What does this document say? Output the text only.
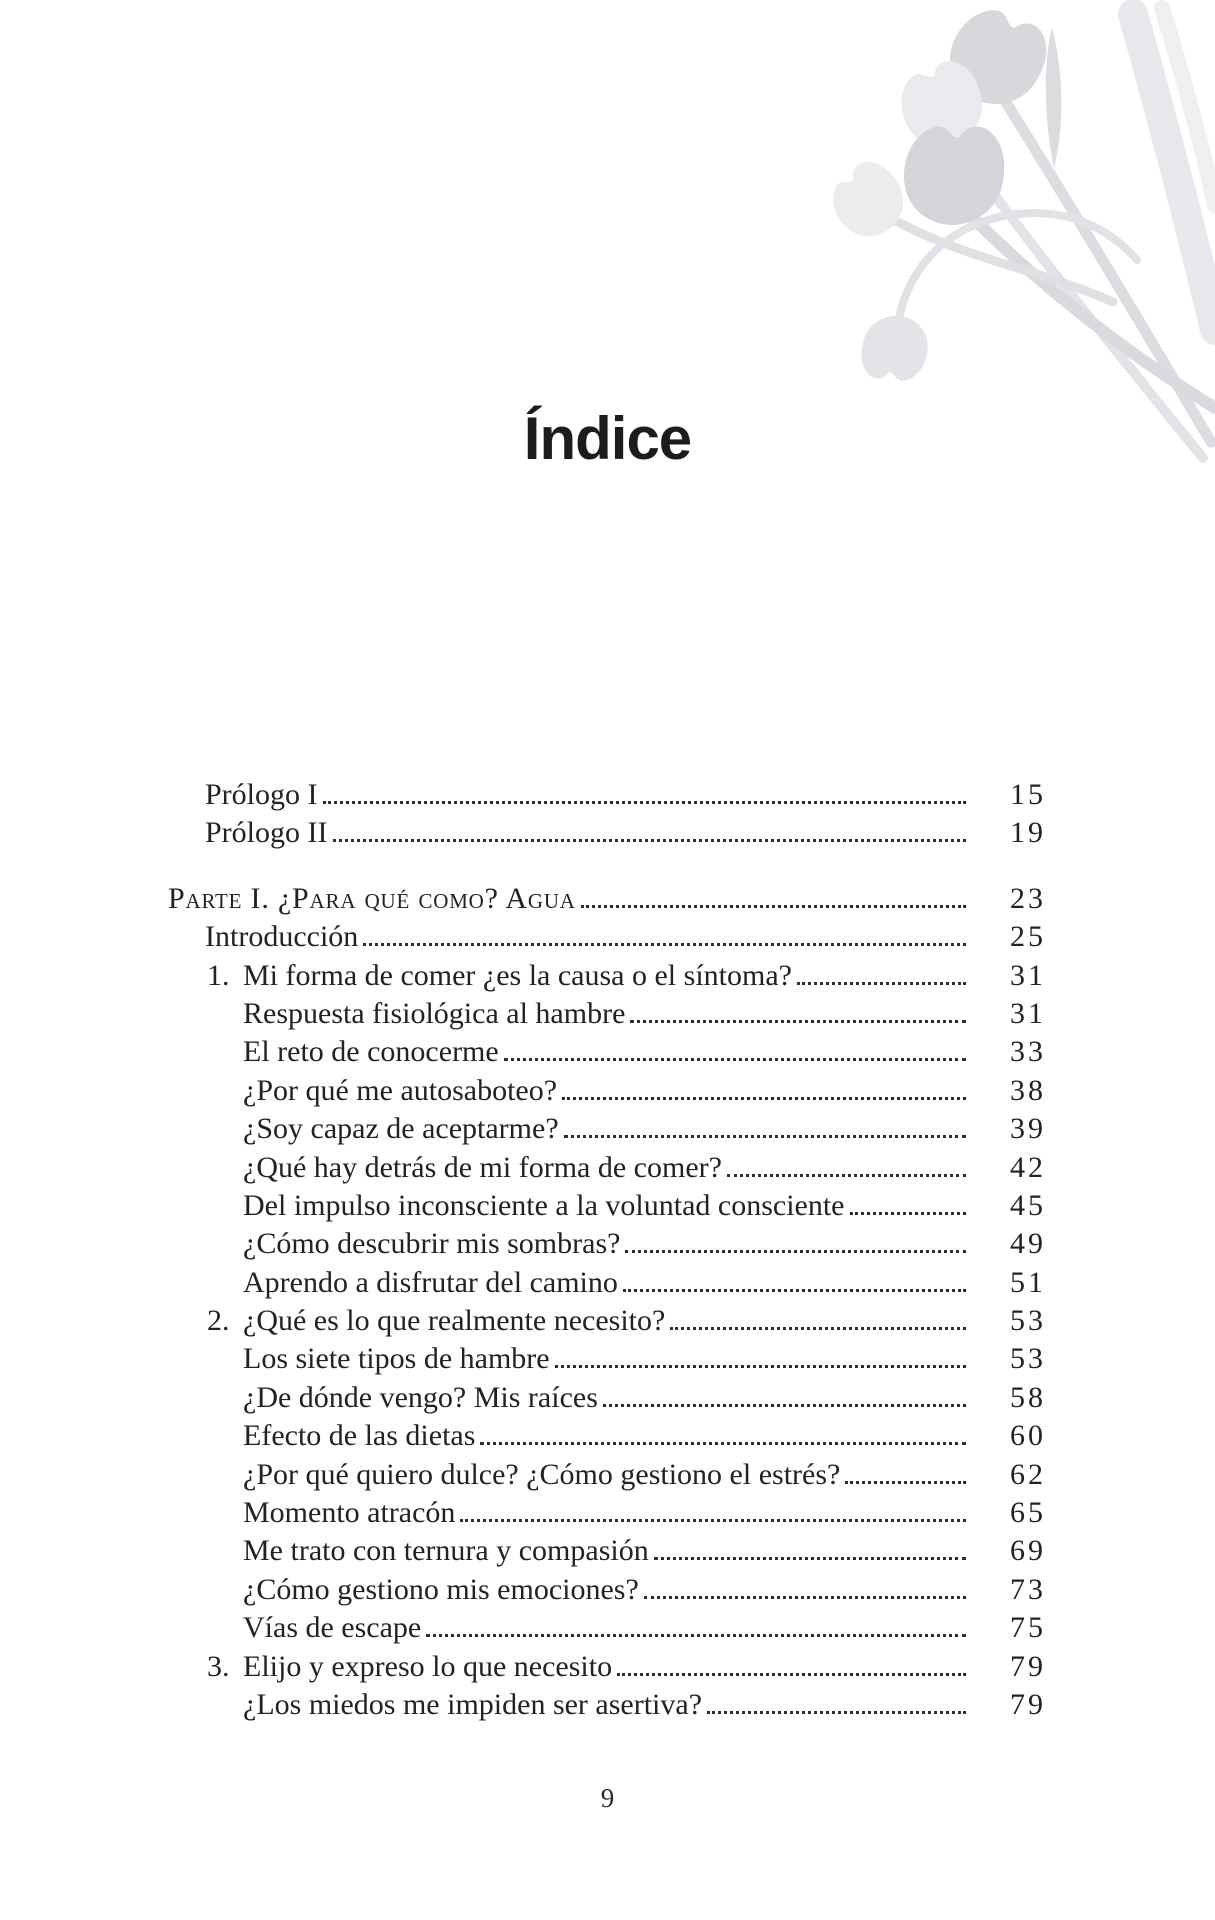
Índice
Prólogo I	15
Prólogo II	19
Parte I. ¿Para qué como? Agua	23
Introducción	25
1. Mi forma de comer ¿es la causa o el síntoma?	31
Respuesta fisiológica al hambre	31
El reto de conocerme	33
¿Por qué me autosaboteo?	38
¿Soy capaz de aceptarme?	39
¿Qué hay detrás de mi forma de comer?	42
Del impulso inconsciente a la voluntad consciente	45
¿Cómo descubrir mis sombras?	49
Aprendo a disfrutar del camino	51
2. ¿Qué es lo que realmente necesito?	53
Los siete tipos de hambre	53
¿De dónde vengo? Mis raíces	58
Efecto de las dietas	60
¿Por qué quiero dulce? ¿Cómo gestiono el estrés?	62
Momento atracón	65
Me trato con ternura y compasión	69
¿Cómo gestiono mis emociones?	73
Vías de escape	75
3. Elijo y expreso lo que necesito	79
¿Los miedos me impiden ser asertiva?	79
9
